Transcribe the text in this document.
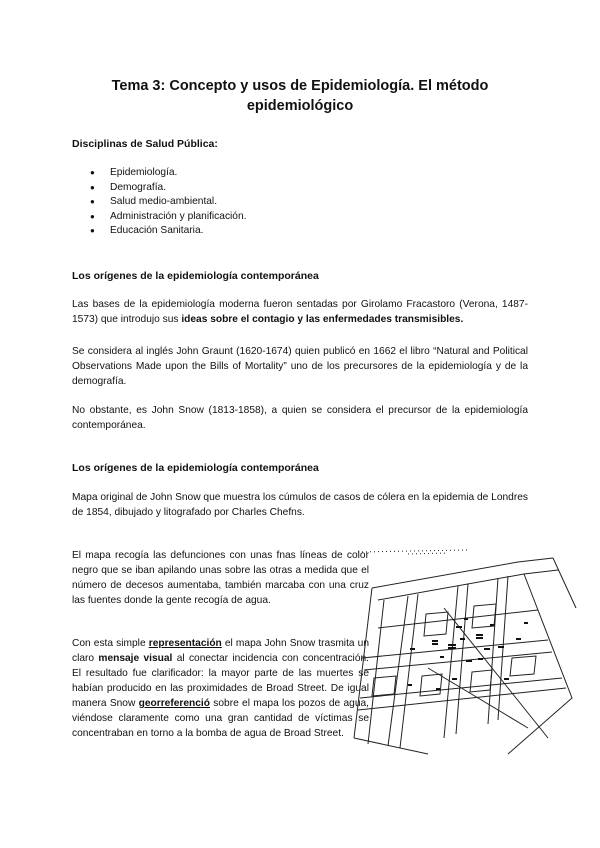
Tema 3: Concepto y usos de Epidemiología. El método
epidemiológico
Disciplinas de Salud Pública:
● Epidemiología.
● Demografía.
● Salud medio-ambiental.
● Administración y planificación.
● Educación Sanitaria.
Los orígenes de la epidemiología contemporánea
Las bases de la epidemiología moderna fueron sentadas por Girolamo Fracastoro (Verona, 1487-1573) que introdujo sus ideas sobre el contagio y las enfermedades transmisibles.
Se considera al inglés John Graunt (1620-1674) quien publicó en 1662 el libro “Natural and Political Observations Made upon the Bills of Mortality” uno de los precursores de la epidemiología y de la demografía.
No obstante, es John Snow (1813-1858), a quien se considera el precursor de la epidemiología contemporánea.
Los orígenes de la epidemiología contemporánea
Mapa original de John Snow que muestra los cúmulos de casos de cólera en la epidemia de Londres de 1854, dibujado y litografado por Charles Chefns.
El mapa recogía las defunciones con unas fnas líneas de color negro que se iban apilando unas sobre las otras a medida que el número de decesos aumentaba, también marcaba con una cruz las fuentes donde la gente recogía de agua.
Con esta simple representación el mapa John Snow trasmita un claro mensaje visual al conectar incidencia con concentración. El resultado fue clarificador: la mayor parte de las muertes se habían producido en las proximidades de Broad Street. De igual manera Snow georreferenció sobre el mapa los pozos de agua, viéndose claramente como una gran cantidad de víctimas se concentraban en torno a la bomba de agua de Broad Street.
